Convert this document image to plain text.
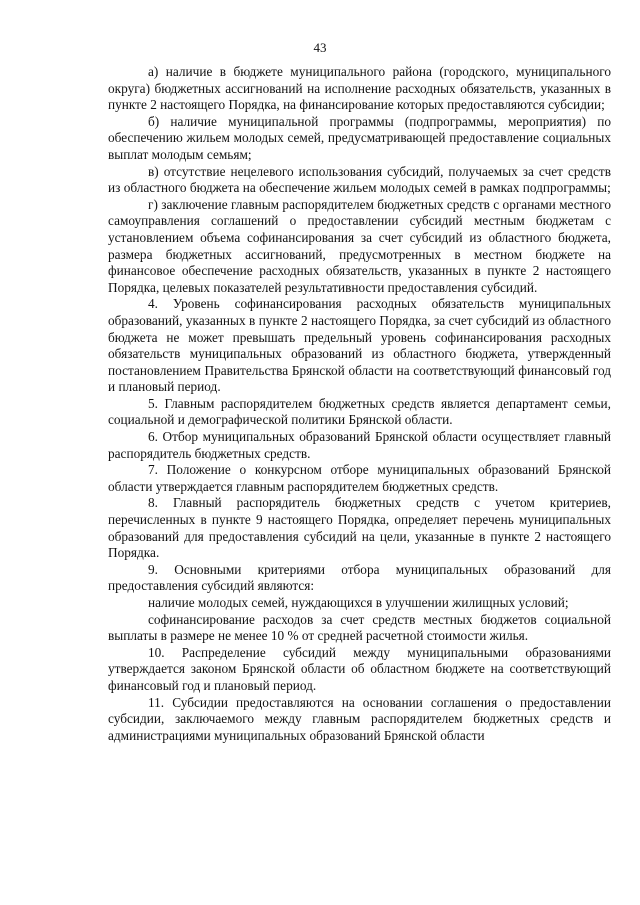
43

а) наличие в бюджете муниципального района (городского, муниципального округа) бюджетных ассигнований на исполнение расходных обязательств, указанных в пункте 2 настоящего Порядка, на финансирование которых предоставляются субсидии;

б) наличие муниципальной программы (подпрограммы, мероприятия) по обеспечению жильем молодых семей, предусматривающей предоставление социальных выплат молодым семьям;

в) отсутствие нецелевого использования субсидий, получаемых за счет средств из областного бюджета на обеспечение жильем молодых семей в рамках подпрограммы;

г) заключение главным распорядителем бюджетных средств с органами местного самоуправления соглашений о предоставлении субсидий местным бюджетам с установлением объема софинансирования за счет субсидий из областного бюджета, размера бюджетных ассигнований, предусмотренных в местном бюджете на финансовое обеспечение расходных обязательств, указанных в пункте 2 настоящего Порядка, целевых показателей результативности предоставления субсидий.

4. Уровень софинансирования расходных обязательств муниципальных образований, указанных в пункте 2 настоящего Порядка, за счет субсидий из областного бюджета не может превышать предельный уровень софинансирования расходных обязательств муниципальных образований из областного бюджета, утвержденный постановлением Правительства Брянской области на соответствующий финансовый год и плановый период.

5. Главным распорядителем бюджетных средств является департамент семьи, социальной и демографической политики Брянской области.

6. Отбор муниципальных образований Брянской области осуществляет главный распорядитель бюджетных средств.

7. Положение о конкурсном отборе муниципальных образований Брянской области утверждается главным распорядителем бюджетных средств.

8. Главный распорядитель бюджетных средств с учетом критериев, перечисленных в пункте 9 настоящего Порядка, определяет перечень муниципальных образований для предоставления субсидий на цели, указанные в пункте 2 настоящего Порядка.

9. Основными критериями отбора муниципальных образований для предоставления субсидий являются:

наличие молодых семей, нуждающихся в улучшении жилищных условий;

софинансирование расходов за счет средств местных бюджетов социальной выплаты в размере не менее 10 % от средней расчетной стоимости жилья.

10. Распределение субсидий между муниципальными образованиями утверждается законом Брянской области об областном бюджете на соответствующий финансовый год и плановый период.

11. Субсидии предоставляются на основании соглашения о предоставлении субсидии, заключаемого между главным распорядителем бюджетных средств и администрациями муниципальных образований Брянской области
